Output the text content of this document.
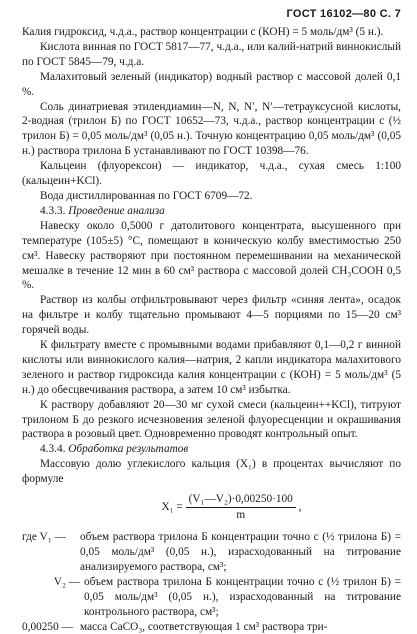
ГОСТ 16102—80 С. 7

Калия гидроксид, ч.д.а., раствор концентрации с (КОН) = 5 моль/дм³ (5 н.).

Кислота винная по ГОСТ 5817—77, ч.д.а., или калий-натрий виннокислый по ГОСТ 5845—79, ч.д.а.

Малахитовый зеленый (индикатор) водный раствор с массовой долей 0,1 %.

Соль динатриевая этилендиамин—N, N, N′, N′—тетрауксусной кислоты, 2-водная (трилон Б) по ГОСТ 10652—73, ч.д.а., раствор концентрации с (½ трилон Б) = 0,05 моль/дм³ (0,05 н.). Точную концентрацию 0,05 моль/дм³ (0,05 н.) раствора трилона Б устанавливают по ГОСТ 10398—76.

Кальцеин (флуорексон) — индикатор, ч.д.а., сухая смесь 1:100 (кальцеин+KCl).

Вода дистиллированная по ГОСТ 6709—72.

4.3.3. Проведение анализа

Навеску около 0,5000 г датолитового концентрата, высушенного при температуре (105±5) °С, помещают в коническую колбу вместимостью 250 см³. Навеску растворяют при постоянном перемешивании на механической мешалке в течение 12 мин в 60 см³ раствора с массовой долей CH₃COOH 0,5 %.

Раствор из колбы отфильтровывают через фильтр «синяя лента», осадок на фильтре и колбу тщательно промывают 4—5 порциями по 15—20 см³ горячей воды.

К фильтрату вместе с промывными водами прибавляют 0,1—0,2 г винной кислоты или виннокислого калия—натрия, 2 капли индикатора малахитового зеленого и раствор гидроксида калия концентрации с (КОН) = 5 моль/дм³ (5 н.) до обесцвечивания раствора, а затем 10 см³ избытка.

К раствору добавляют 20—30 мг сухой смеси (кальцеин++KCl), титруют трилоном Б до резкого исчезновения зеленой флуоресценции и окрашивания раствора в розовый цвет. Одновременно проводят контрольный опыт.

4.3.4. Обработка результатов

Массовую долю углекислого кальция (X₁) в процентах вычисляют по формуле

$X_1 = \frac{\text{(V₁—V₂)·0,00250·100}}{m}$ ,
где V₁ —	объем раствора трилона Б концентрации точно с (½ трилона Б) = 0,05 моль/дм³ (0,05 н.), израсходованный на титрование анализируемого раствора, см³;
V₂ — объем раствора трилона Б концентрации точно с (½ трилон Б) = 0,05 моль/дм³ (0,05 н.), израсходованный на титрование контрольного раствора, см³;
0,00250 — масса CaCO₃, соответствующая 1 см³ раствора три-
